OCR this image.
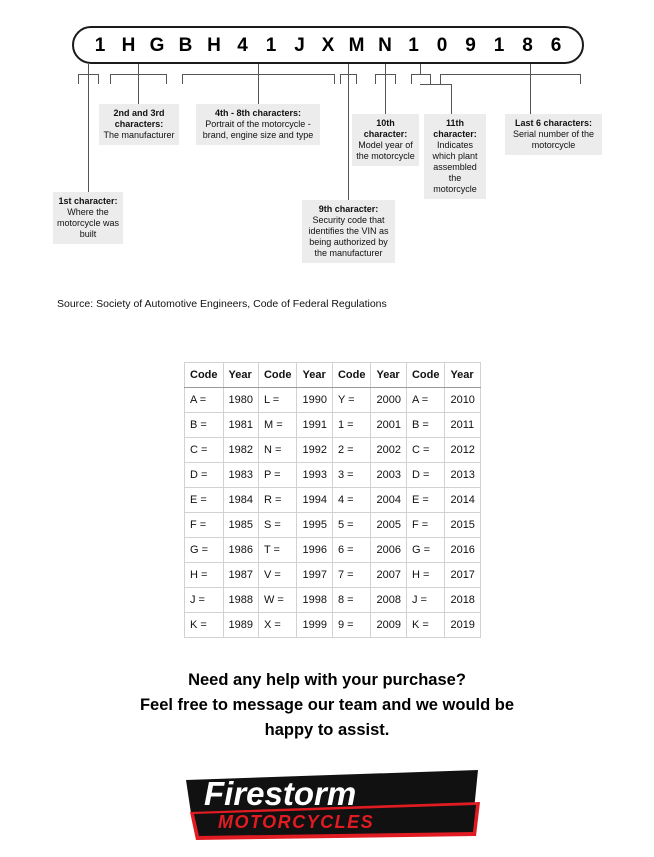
1 H G B H 4 1 J X M N 1 0 9 1 8 6
1st character:
Where the motorcycle was built
2nd and 3rd characters:
The manufacturer
4th - 8th characters:
Portrait of the motorcycle - brand, engine size and type
9th character:
Security code that identifies the VIN as being authorized by the manufacturer
10th character:
Model year of the motorcycle
11th character:
Indicates which plant assembled the motorcycle
Last 6 characters:
Serial number of the motorcycle
Source: Society of Automotive Engineers, Code of Federal Regulations
Code	Year	Code	Year	Code	Year	Code	Year
A =	1980	L =	1990	Y =	2000	A =	2010
B =	1981	M =	1991	1 =	2001	B =	2011
C =	1982	N =	1992	2 =	2002	C =	2012
D =	1983	P =	1993	3 =	2003	D =	2013
E =	1984	R =	1994	4 =	2004	E =	2014
F =	1985	S =	1995	5 =	2005	F =	2015
G =	1986	T =	1996	6 =	2006	G =	2016
H =	1987	V =	1997	7 =	2007	H =	2017
J =	1988	W =	1998	8 =	2008	J =	2018
K =	1989	X =	1999	9 =	2009	K =	2019
Need any help with your purchase?
Feel free to message our team and we would be
happy to assist.
Firestorm
MOTORCYCLES
